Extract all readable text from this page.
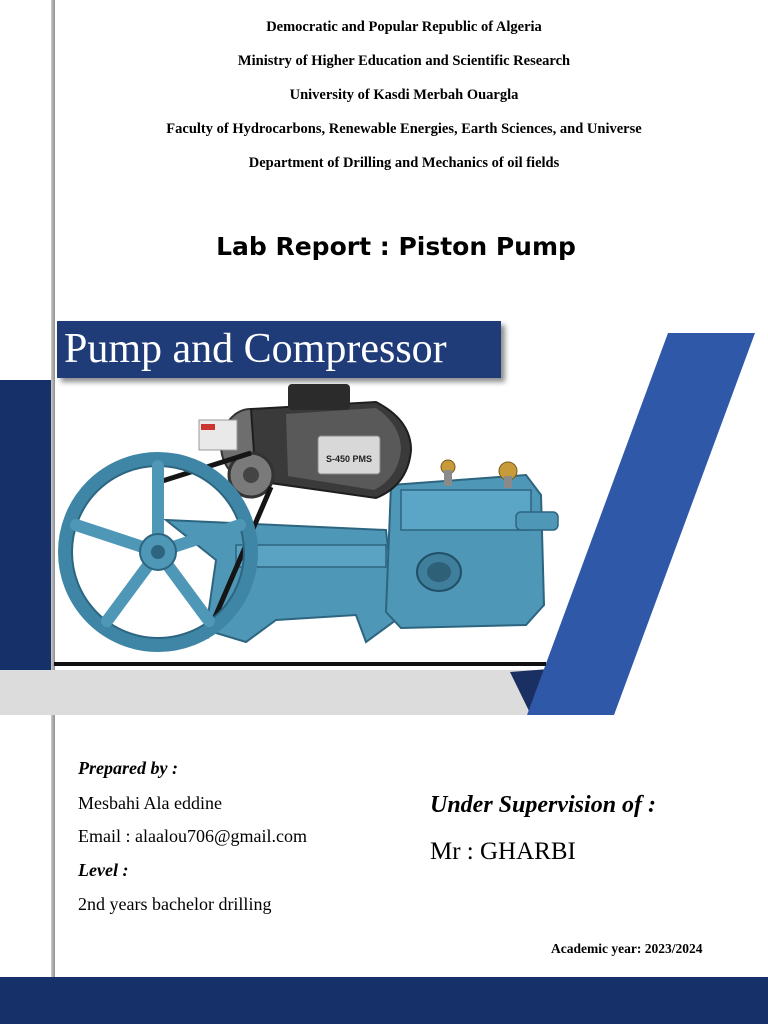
Democratic and Popular Republic of Algeria
Ministry of Higher Education and Scientific Research
University of Kasdi Merbah Ouargla
Faculty of Hydrocarbons, Renewable Energies, Earth Sciences, and Universe
Department of Drilling and Mechanics of oil fields
Lab Report : Piston Pump
Pump and Compressor
S-450 PMS
Prepared by :
Mesbahi Ala eddine
Email : alaalou706@gmail.com
Level :
2nd years bachelor drilling
Under Supervision of :
Mr : GHARBI
Academic year: 2023/2024
